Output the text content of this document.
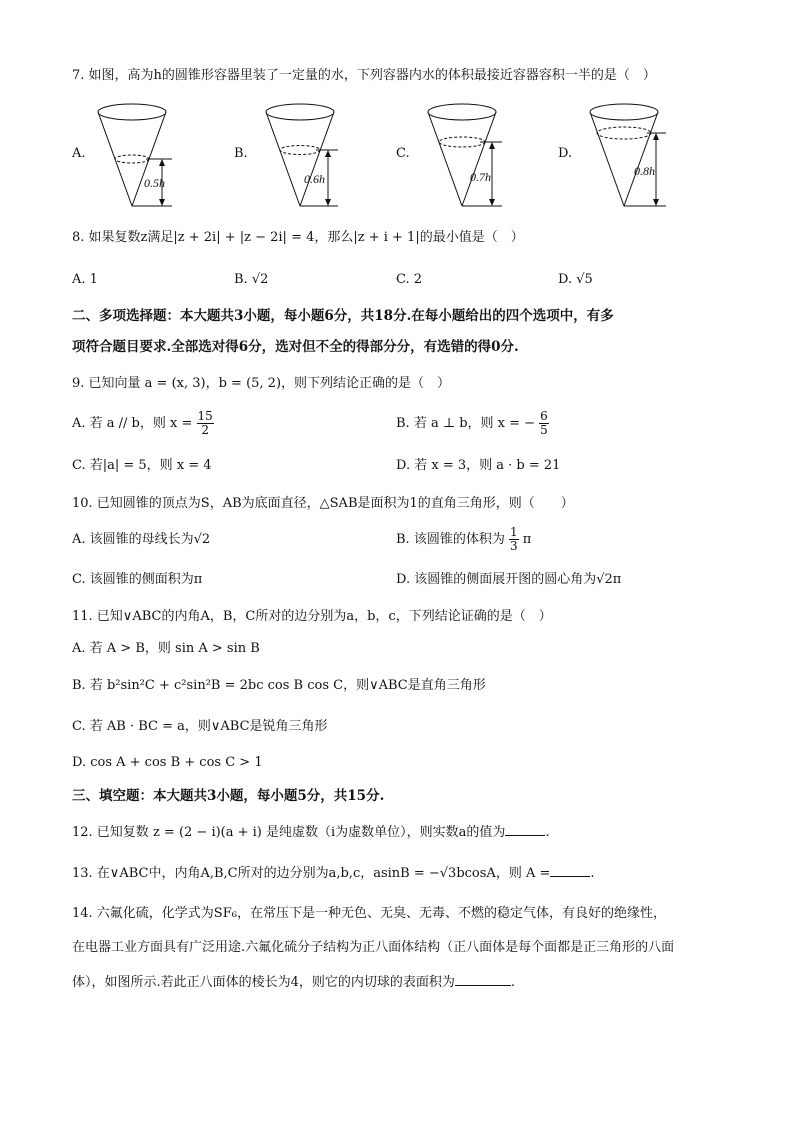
7. 如图，高为h的圆锥形容器里装了一定量的水，下列容器内水的体积最接近容器容积一半的是（　）
A.
0.5h
B.
0.6h
C.
0.7h
D.
0.8h
8. 如果复数z满足|z + 2i| + |z − 2i| = 4，那么|z + i + 1|的最小值是（　）
A. 1	B. √2	C. 2	D. √5
二、多项选择题：本大题共3小题，每小题6分，共18分.在每小题给出的四个选项中，有多
项符合题目要求.全部选对得6分，选对但不全的得部分分，有选错的得0分.
9. 已知向量 a = (x, 3)，b = (5, 2)，则下列结论正确的是（　）
A. 若 a // b，则 $x = \frac{15}{2}$	B. 若 a ⊥ b，则 x = − $\frac{6}{5}$
C. 若|a| = 5，则 x = 4	D. 若 x = 3，则 a · b = 21
10. 已知圆锥的顶点为S，AB为底面直径，△SAB是面积为1的直角三角形，则（　　）
A. 该圆锥的母线长为√2	B. 该圆锥的体积为 $\frac{1}{3}$ π
C. 该圆锥的侧面积为π	D. 该圆锥的侧面展开图的圆心角为√2π
11. 已知∨ABC的内角A，B，C所对的边分别为a，b，c，下列结论证确的是（　）
A. 若 A > B，则 sin A > sin B
B. 若 b²sin²C + c²sin²B = 2bc cos B cos C，则∨ABC是直角三角形
C. 若 AB · BC = a，则∨ABC是锐角三角形
D. cos A + cos B + cos C > 1
三、填空题：本大题共3小题，每小题5分，共15分.
12. 已知复数 z = (2 − i)(a + i) 是纯虚数（i为虚数单位），则实数a的值为	.
13. 在∨ABC中，内角A,B,C所对的边分别为a,b,c，asinB = −√3bcosA，则 A =	.
14. 六氟化硫，化学式为SF₆，在常压下是一种无色、无臭、无毒、不燃的稳定气体，有良好的绝缘性，
在电器工业方面具有广泛用途.六氟化硫分子结构为正八面体结构（正八面体是每个面都是正三角形的八面
体），如图所示.若此正八面体的棱长为4，则它的内切球的表面积为	.
